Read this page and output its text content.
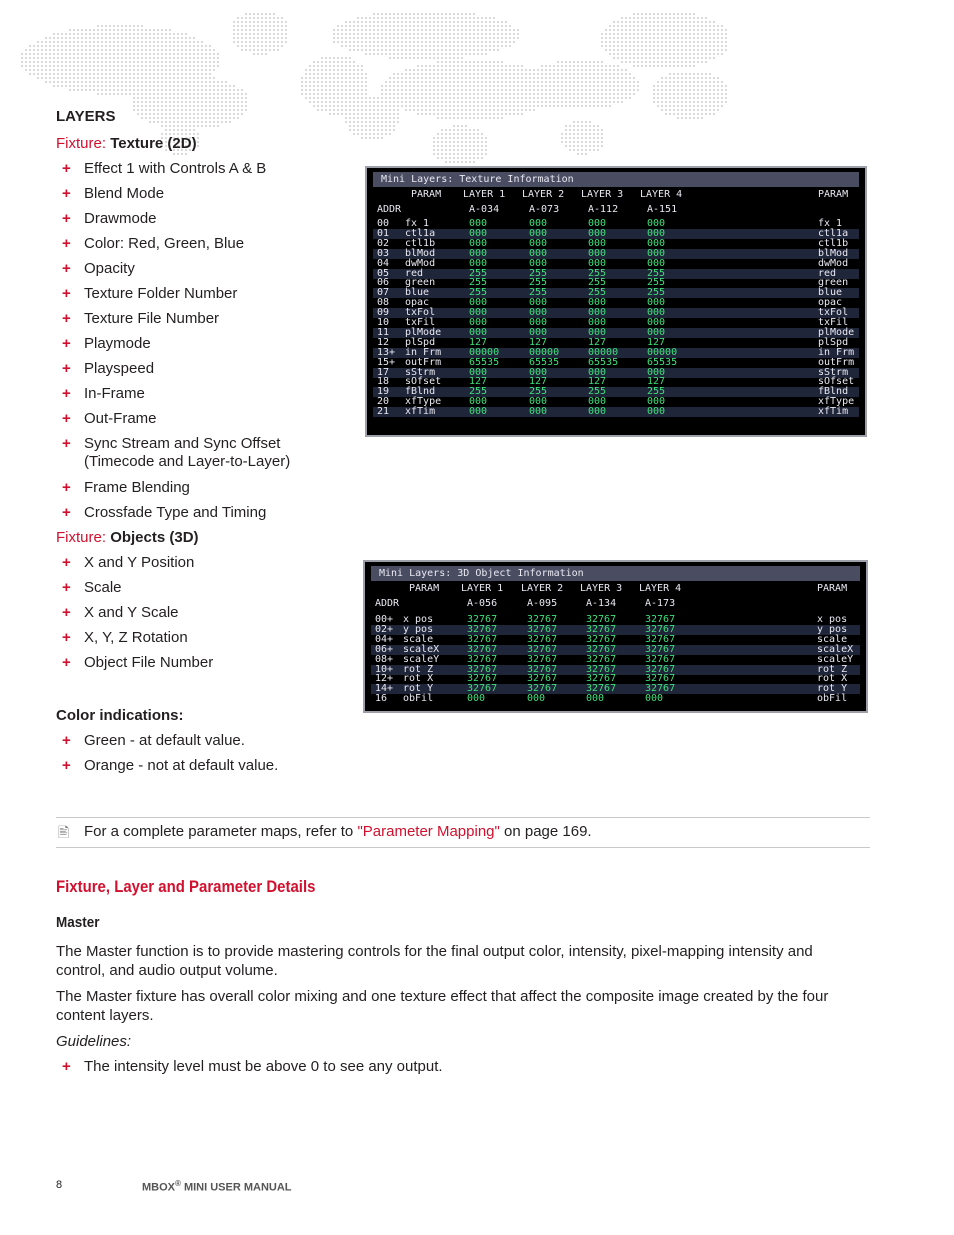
LAYERS
Fixture: Texture (2D)
+ Effect 1 with Controls A & B
+ Blend Mode
+ Drawmode
+ Color: Red, Green, Blue
+ Opacity
+ Texture Folder Number
+ Texture File Number
+ Playmode
+ Playspeed
+ In-Frame
+ Out-Frame
+ Sync Stream and Sync Offset
(Timecode and Layer-to-Layer)
+ Frame Blending
+ Crossfade Type and Timing
Fixture: Objects (3D)
+ X and Y Position
+ Scale
+ X and Y Scale
+ X, Y, Z Rotation
+ Object File Number
Color indications:
+ Green - at default value.
+ Orange - not at default value.
Mini Layers: Texture Information
PARAM LAYER 1 LAYER 2 LAYER 3 LAYER 4	PARAM
ADDR	A-034	A-073	A-112	A-151
00 fx 1	000	000	000	000	fx 1
01 ctl1a	000	000	000	000	ctl1a
02 ctl1b	000	000	000	000	ctl1b
03 blMod	000	000	000	000	blMod
04 dwMod	000	000	000	000	dwMod
05 red	255	255	255	255	red
06 green	255	255	255	255	green
07 blue	255	255	255	255	blue
08 opac	000	000	000	000	opac
09 txFol	000	000	000	000	txFol
10 txFil	000	000	000	000	txFil
11 plMode	000	000	000	000	plMode
12 plSpd	127	127	127	127	plSpd
13+ in Frm	00000	00000	00000	00000	in Frm
15+ outFrm	65535	65535	65535	65535	outFrm
17 sStrm	000	000	000	000	sStrm
18 sOfset	127	127	127	127	sOfset
19 fBlnd	255	255	255	255	fBlnd
20 xfType	000	000	000	000	xfType
21 xfTim	000	000	000	000	xfTim
Mini Layers: 3D Object Information
PARAM LAYER 1 LAYER 2 LAYER 3 LAYER 4	PARAM
ADDR	A-056	A-095	A-134	A-173
00+ x pos	32767	32767	32767	32767	x pos
02+ y pos	32767	32767	32767	32767	y pos
04+ scale	32767	32767	32767	32767	scale
06+ scaleX	32767	32767	32767	32767	scaleX
08+ scaleY	32767	32767	32767	32767	scaleY
10+ rot Z	32767	32767	32767	32767	rot Z
12+ rot X	32767	32767	32767	32767	rot X
14+ rot Y	32767	32767	32767	32767	rot Y
16 obFil	000	000	000	000	obFil
🖹 For a complete parameter maps, refer to "Parameter Mapping" on page 169.
Fixture, Layer and Parameter Details
Master
The Master function is to provide mastering controls for the final output color, intensity, pixel-mapping intensity and control, and audio output volume.
The Master fixture has overall color mixing and one texture effect that affect the composite image created by the four content layers.
Guidelines:
+ The intensity level must be above 0 to see any output.
8	MBOX® MINI USER MANUAL
